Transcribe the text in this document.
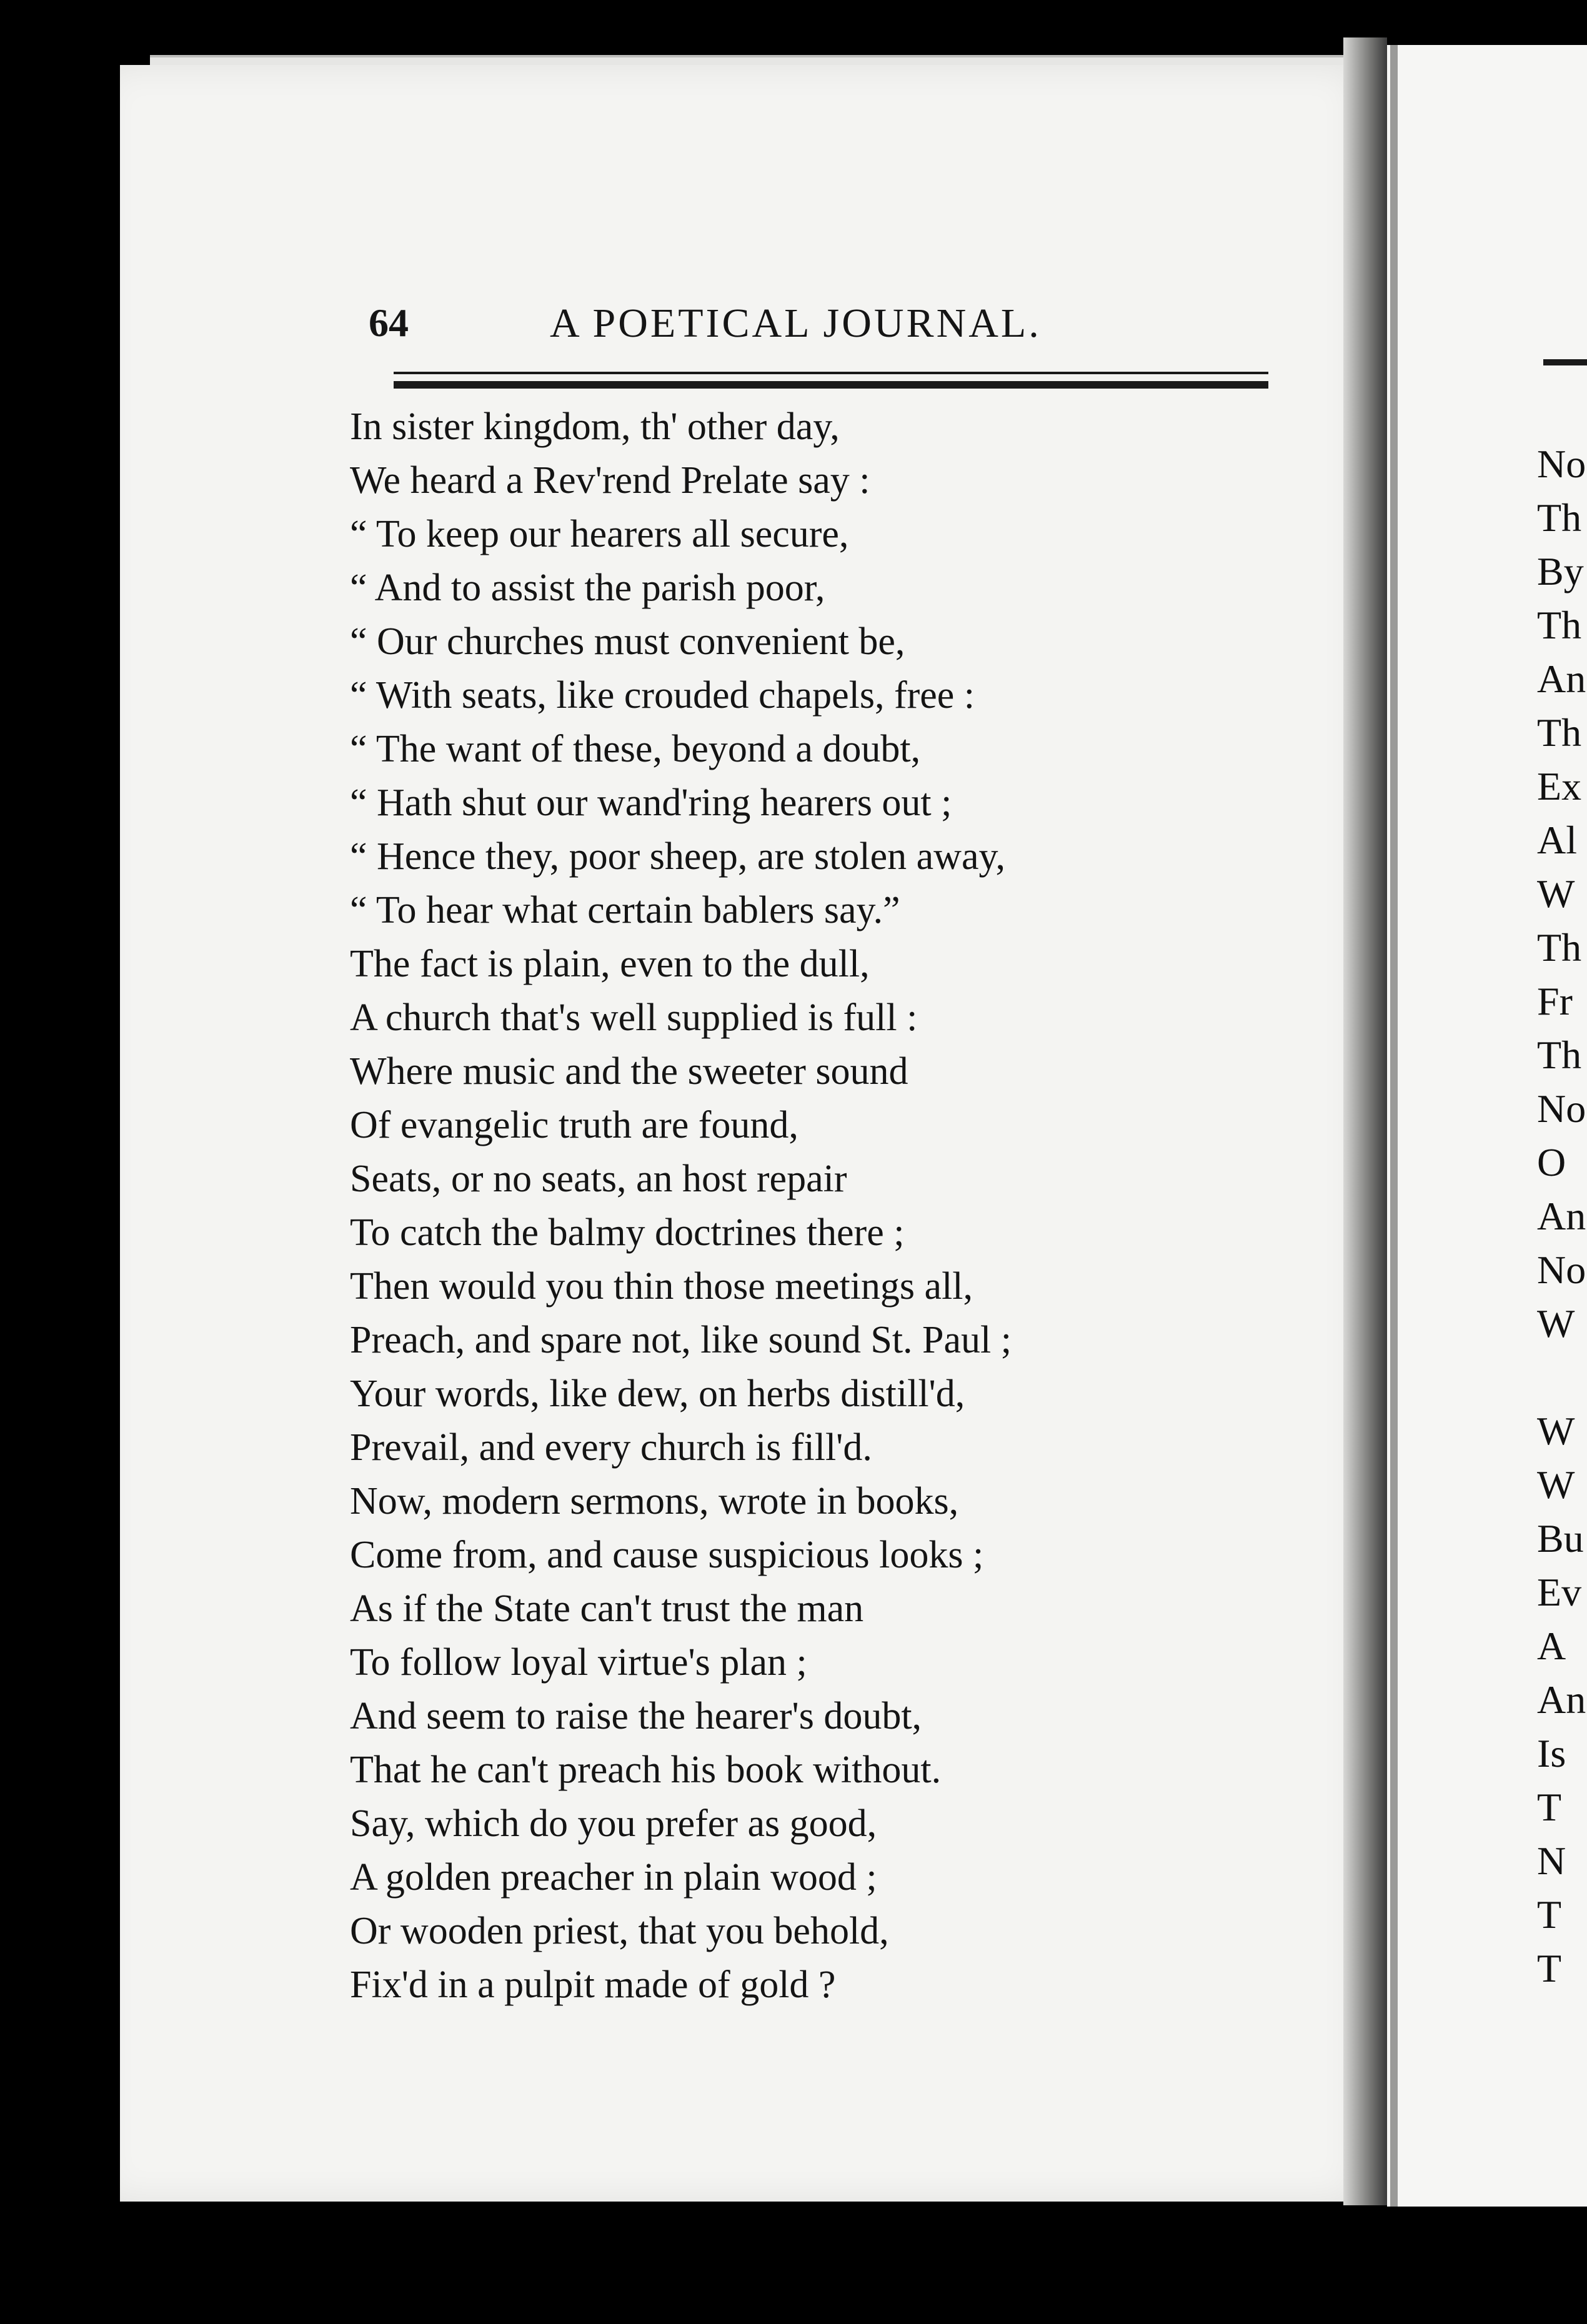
64	A POETICAL JOURNAL.
In sister kingdom, th' other day,
We heard a Rev'rend Prelate say :
“ To keep our hearers all secure,
“ And to assist the parish poor,
“ Our churches must convenient be,
“ With seats, like crouded chapels, free :
“ The want of these, beyond a doubt,
“ Hath shut our wand'ring hearers out ;
“ Hence they, poor sheep, are stolen away,
“ To hear what certain bablers say.”
The fact is plain, even to the dull,
A church that's well supplied is full :
Where music and the sweeter sound
Of evangelic truth are found,
Seats, or no seats, an host repair
To catch the balmy doctrines there ;
Then would you thin those meetings all,
Preach, and spare not, like sound St. Paul ;
Your words, like dew, on herbs distill'd,
Prevail, and every church is fill'd.
Now, modern sermons, wrote in books,
Come from, and cause suspicious looks ;
As if the State can't trust the man
To follow loyal virtue's plan ;
And seem to raise the hearer's doubt,
That he can't preach his book without.
Say, which do you prefer as good,
A golden preacher in plain wood ;
Or wooden priest, that you behold,
Fix'd in a pulpit made of gold ?
No
Th
By
Th
An
Th
Ex
Al
W
Th
Fr
Th
No
O
An
No
W
W
W
Bu
Ev
A
An
Is
T
N
T
T
